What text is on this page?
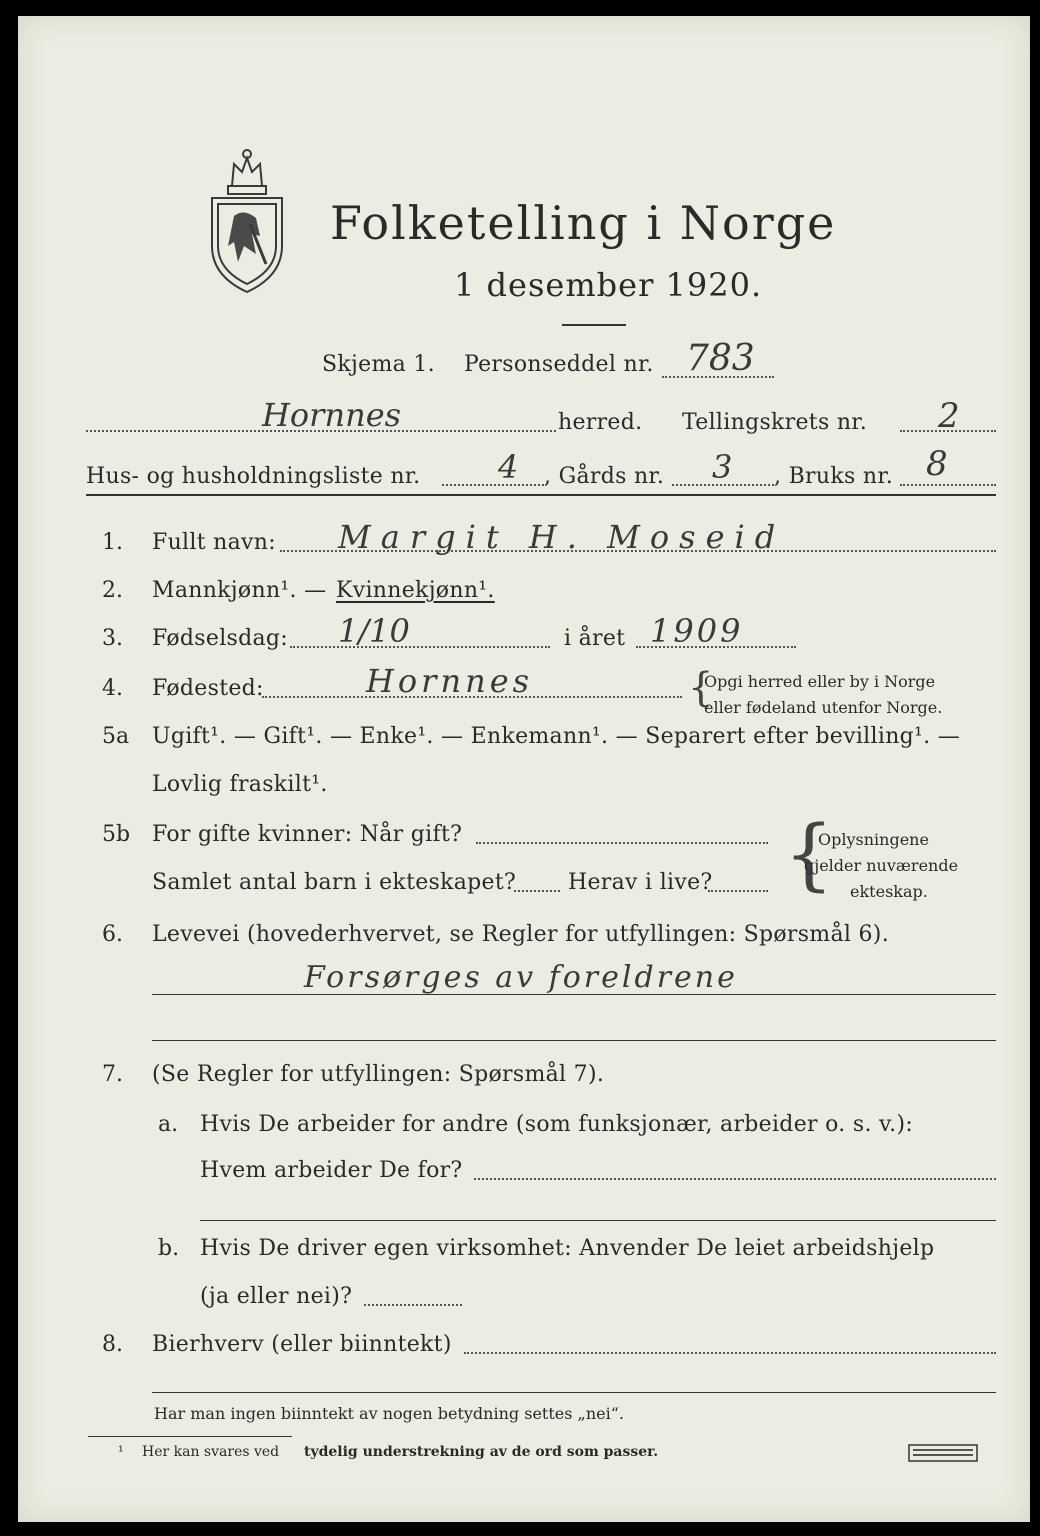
Folketelling i Norge
1 desember 1920.
Skjema 1. Personseddel nr. 783
Hornnes	herred. Tellingskrets nr. 2
Hus- og husholdningsliste nr. 4 , Gårds nr. 3 , Bruks nr. 8
1. Fullt navn: Margit H. Moseid
2. Mannkjønn¹. — Kvinnekjønn¹.
3. Fødselsdag: 1/10	i året 1909
4. Fødested:	Hornnes	{
Opgi herred eller by i Norge
eller fødeland utenfor Norge.
5a Ugift¹. — Gift¹. — Enke¹. — Enkemann¹. — Separert efter bevilling¹. —
Lovlig fraskilt¹.
5b For gifte kvinner: Når gift?
Samlet antal barn i ekteskapet? Herav i live? {
Oplysningene
gjelder nuværende
ekteskap.
6. Levevei (hovederhvervet, se Regler for utfyllingen: Spørsmål 6).
Forsørges av foreldrene
7. (Se Regler for utfyllingen: Spørsmål 7).
a. Hvis De arbeider for andre (som funksjonær, arbeider o. s. v.):
Hvem arbeider De for?
b. Hvis De driver egen virksomhet: Anvender De leiet arbeidshjelp
(ja eller nei)?
8. Bierhverv (eller biinntekt)
Har man ingen biinntekt av nogen betydning settes „nei“.
¹ Her kan svares ved tydelig understrekning av de ord som passer.
